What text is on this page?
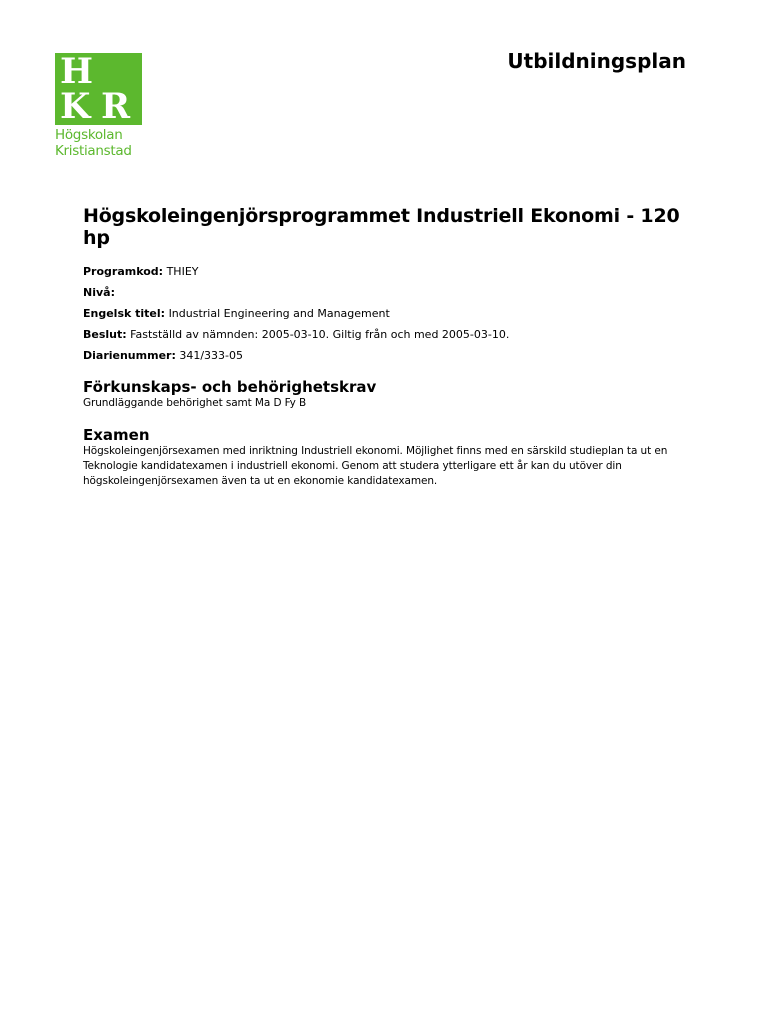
H
K R
Högskolan
Kristianstad
Utbildningsplan
Högskoleingenjörsprogrammet Industriell Ekonomi - 120 hp

Programkod: THIEY

Nivå:

Engelsk titel: Industrial Engineering and Management

Beslut: Fastställd av nämnden: 2005-03-10. Giltig från och med 2005-03-10.

Diarienummer: 341/333-05

Förkunskaps- och behörighetskrav

Grundläggande behörighet samt Ma D Fy B

Examen

Högskoleingenjörsexamen med inriktning Industriell ekonomi. Möjlighet finns med en särskild studieplan ta ut en Teknologie kandidatexamen i industriell ekonomi. Genom att studera ytterligare ett år kan du utöver din högskoleingenjörsexamen även ta ut en ekonomie kandidatexamen.
